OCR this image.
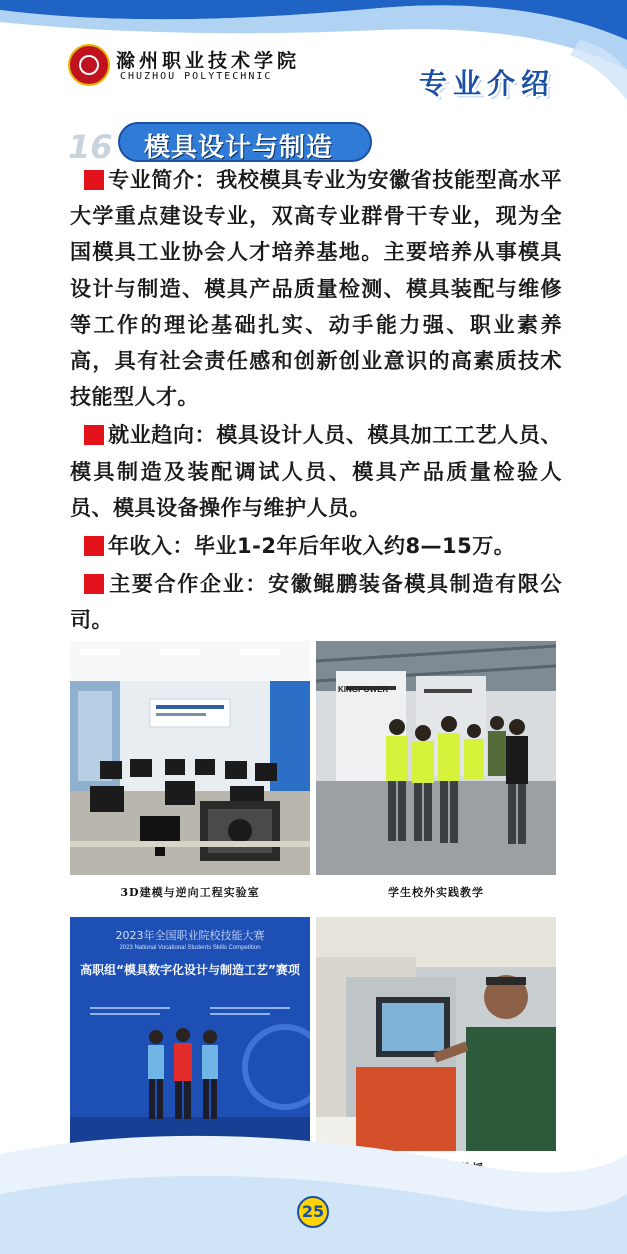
滁州职业技术学院
CHUZHOU POLYTECHNIC	专业介绍
16 模具设计与制造

专业简介：我校模具专业为安徽省技能型高水平大学重点建设专业，双高专业群骨干专业，现为全国模具工业协会人才培养基地。主要培养从事模具设计与制造、模具产品质量检测、模具装配与维修等工作的理论基础扎实、动手能力强、职业素养高，具有社会责任感和创新创业意识的高素质技术技能型人才。

就业趋向：模具设计人员、模具加工工艺人员、模具制造及装配调试人员、模具产品质量检验人员、模具设备操作与维护人员。

年收入：毕业1-2年后年收入约8—15万。

主要合作企业：安徽鲲鹏装备模具制造有限公司。

3D建模与逆向工程实验室
KINGPOWER
学生校外实践教学
2023年全国职业院校技能大赛
2023 National Vocational Students Skills Competition
高职组“模具数字化设计与制造工艺”赛项
25
